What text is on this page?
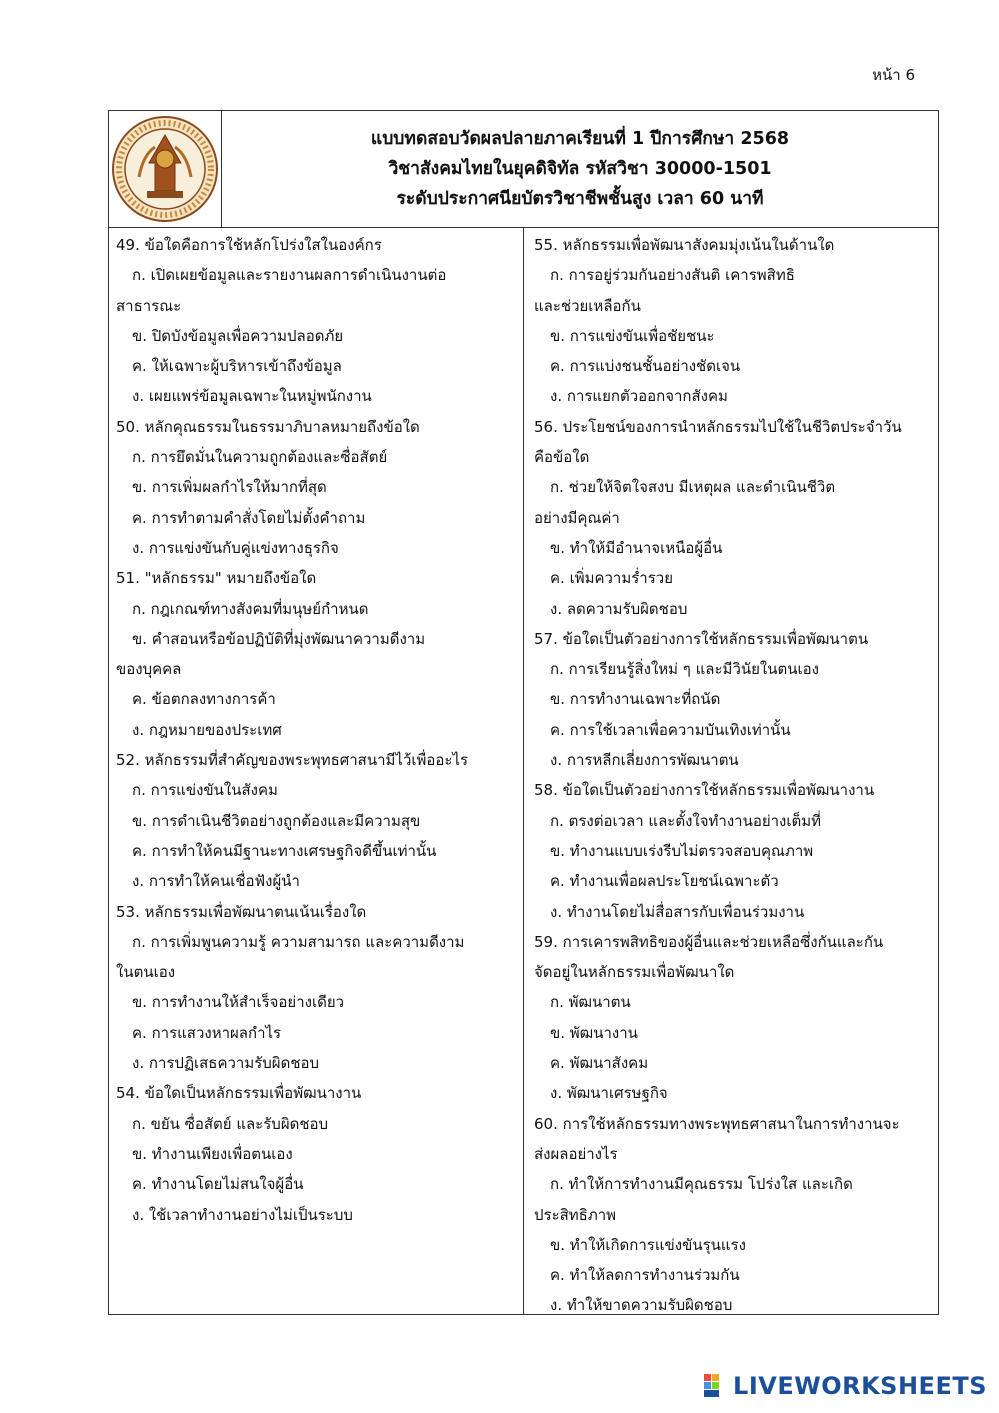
หน้า 6
แบบทดสอบวัดผลปลายภาคเรียนที่ 1 ปีการศึกษา 2568
วิชาสังคมไทยในยุคดิจิทัล รหัสวิชา 30000-1501
ระดับประกาศนียบัตรวิชาชีพชั้นสูง เวลา 60 นาที
49. ข้อใดคือการใช้หลักโปร่งใสในองค์กร
ก. เปิดเผยข้อมูลและรายงานผลการดำเนินงานต่อ
สาธารณะ
ข. ปิดบังข้อมูลเพื่อความปลอดภัย
ค. ให้เฉพาะผู้บริหารเข้าถึงข้อมูล
ง. เผยแพร่ข้อมูลเฉพาะในหมู่พนักงาน
50. หลักคุณธรรมในธรรมาภิบาลหมายถึงข้อใด
ก. การยึดมั่นในความถูกต้องและซื่อสัตย์
ข. การเพิ่มผลกำไรให้มากที่สุด
ค. การทำตามคำสั่งโดยไม่ตั้งคำถาม
ง. การแข่งขันกับคู่แข่งทางธุรกิจ
51. "หลักธรรม" หมายถึงข้อใด
ก. กฎเกณฑ์ทางสังคมที่มนุษย์กำหนด
ข. คำสอนหรือข้อปฏิบัติที่มุ่งพัฒนาความดีงาม
ของบุคคล
ค. ข้อตกลงทางการค้า
ง. กฎหมายของประเทศ
52. หลักธรรมที่สำคัญของพระพุทธศาสนามีไว้เพื่ออะไร
ก. การแข่งขันในสังคม
ข. การดำเนินชีวิตอย่างถูกต้องและมีความสุข
ค. การทำให้คนมีฐานะทางเศรษฐกิจดีขึ้นเท่านั้น
ง. การทำให้คนเชื่อฟังผู้นำ
53. หลักธรรมเพื่อพัฒนาตนเน้นเรื่องใด
ก. การเพิ่มพูนความรู้ ความสามารถ และความดีงาม
ในตนเอง
ข. การทำงานให้สำเร็จอย่างเดียว
ค. การแสวงหาผลกำไร
ง. การปฏิเสธความรับผิดชอบ
54. ข้อใดเป็นหลักธรรมเพื่อพัฒนางาน
ก. ขยัน ซื่อสัตย์ และรับผิดชอบ
ข. ทำงานเพียงเพื่อตนเอง
ค. ทำงานโดยไม่สนใจผู้อื่น
ง. ใช้เวลาทำงานอย่างไม่เป็นระบบ
55. หลักธรรมเพื่อพัฒนาสังคมมุ่งเน้นในด้านใด
ก. การอยู่ร่วมกันอย่างสันติ เคารพสิทธิ
และช่วยเหลือกัน
ข. การแข่งขันเพื่อชัยชนะ
ค. การแบ่งชนชั้นอย่างชัดเจน
ง. การแยกตัวออกจากสังคม
56. ประโยชน์ของการนำหลักธรรมไปใช้ในชีวิตประจำวัน
คือข้อใด
ก. ช่วยให้จิตใจสงบ มีเหตุผล และดำเนินชีวิต
อย่างมีคุณค่า
ข. ทำให้มีอำนาจเหนือผู้อื่น
ค. เพิ่มความร่ำรวย
ง. ลดความรับผิดชอบ
57. ข้อใดเป็นตัวอย่างการใช้หลักธรรมเพื่อพัฒนาตน
ก. การเรียนรู้สิ่งใหม่ ๆ และมีวินัยในตนเอง
ข. การทำงานเฉพาะที่ถนัด
ค. การใช้เวลาเพื่อความบันเทิงเท่านั้น
ง. การหลีกเลี่ยงการพัฒนาตน
58. ข้อใดเป็นตัวอย่างการใช้หลักธรรมเพื่อพัฒนางาน
ก. ตรงต่อเวลา และตั้งใจทำงานอย่างเต็มที่
ข. ทำงานแบบเร่งรีบไม่ตรวจสอบคุณภาพ
ค. ทำงานเพื่อผลประโยชน์เฉพาะตัว
ง. ทำงานโดยไม่สื่อสารกับเพื่อนร่วมงาน
59. การเคารพสิทธิของผู้อื่นและช่วยเหลือซึ่งกันและกัน
จัดอยู่ในหลักธรรมเพื่อพัฒนาใด
ก. พัฒนาตน
ข. พัฒนางาน
ค. พัฒนาสังคม
ง. พัฒนาเศรษฐกิจ
60. การใช้หลักธรรมทางพระพุทธศาสนาในการทำงานจะ
ส่งผลอย่างไร
ก. ทำให้การทำงานมีคุณธรรม โปร่งใส และเกิด
ประสิทธิภาพ
ข. ทำให้เกิดการแข่งขันรุนแรง
ค. ทำให้ลดการทำงานร่วมกัน
ง. ทำให้ขาดความรับผิดชอบ
LIVEWORKSHEETS
